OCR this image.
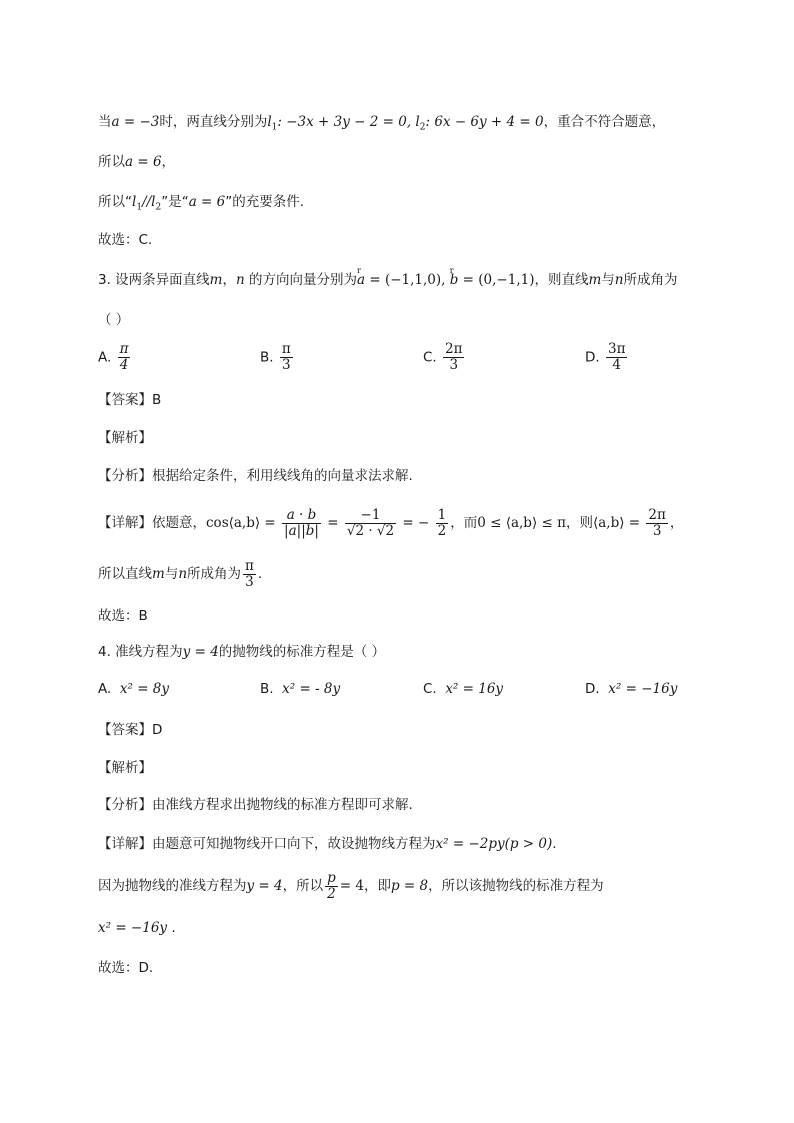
当a = −3时，两直线分别为$l_1$: −3x + 3y − 2 = 0, $l_2$: 6x − 6y + 4 = 0，重合不符合题意，
所以a = 6，
所以“$l_1//l_2$”是“a = 6”的充要条件.
故选：C.
3. 设两条异面直线m，n 的方向向量分别为r a = (−1,1,0), r b = (0,−1,1)，则直线m与n所成角为
（ ）
A. $\frac{\pi}{4}$	B. $\frac{\pi}{3}$	C. $\frac{2\pi}{3}$	D. $\frac{3\pi}{4}$
【答案】B
【解析】
【分析】根据给定条件，利用线线角的向量求法求解.
【详解】依题意，cos⟨a,b⟩ = $\frac{a \cdot b}{|a||b|} = \frac{-1}{√2 \cdot √2}$ = − $\frac{1}{2}$ ，而0 ≤ ⟨a,b⟩ ≤ π，则⟨a,b⟩ = $\frac{2\pi}{3}$ ，
所以直线m与n所成角为 $\frac{\pi}{3}$ .
故选：B
4. 准线方程为y = 4的抛物线的标准方程是（ ）
A. x² = 8y	B. x² = - 8y	C. x² = 16y	D. x² = −16y
【答案】D
【解析】
【分析】由准线方程求出抛物线的标准方程即可求解.
【详解】由题意可知抛物线开口向下，故设抛物线方程为x² = −2py(p > 0).
因为抛物线的准线方程为y = 4，所以 $\frac{p}{2} = 4$，即p = 8，所以该抛物线的标准方程为
x² = −16y .
故选：D.
